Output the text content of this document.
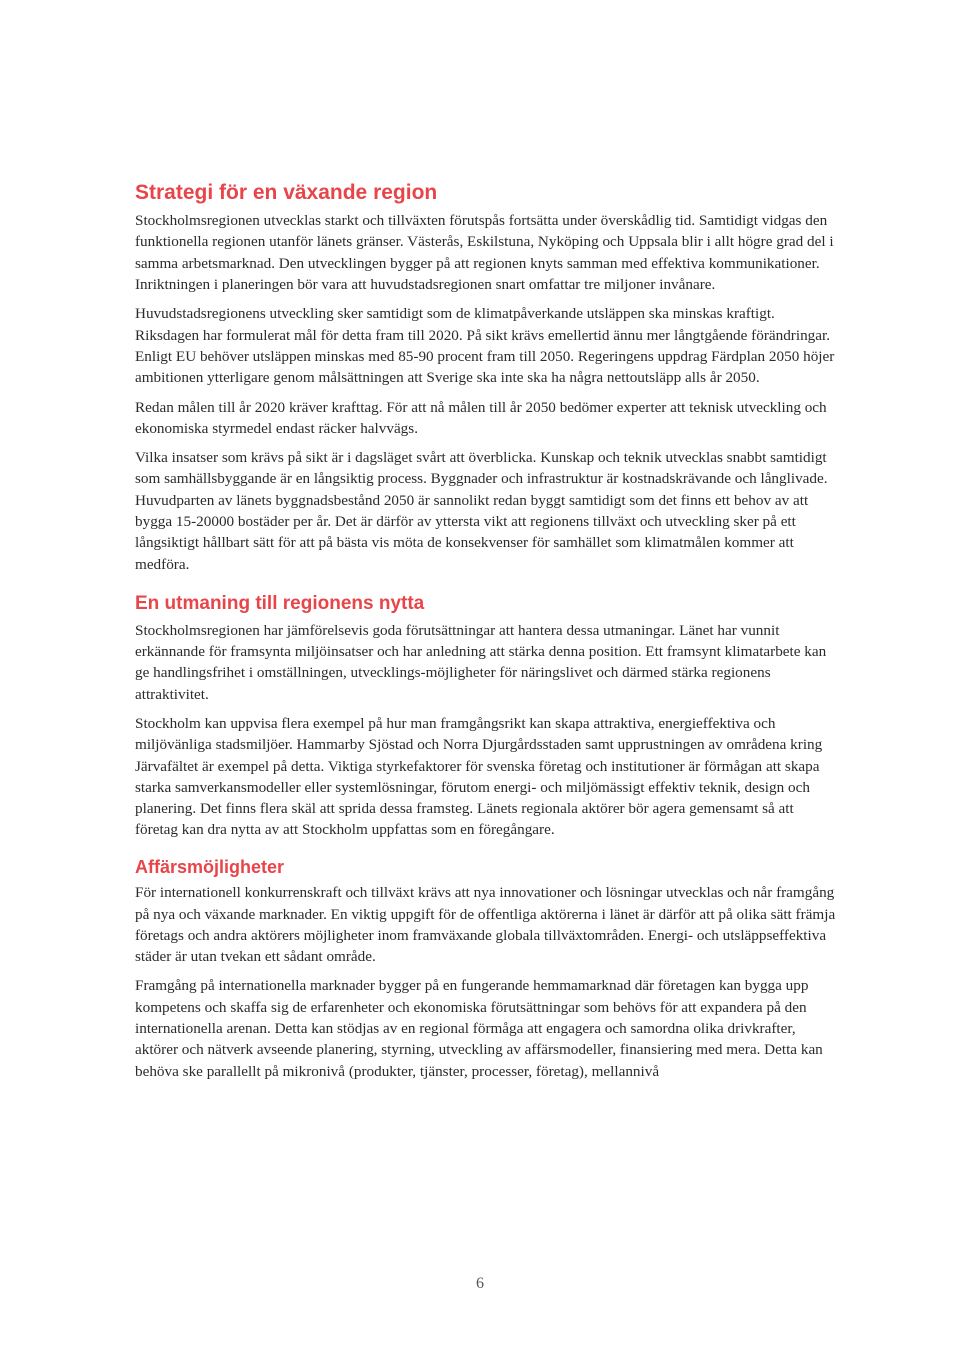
Strategi för en växande region

Stockholmsregionen utvecklas starkt och tillväxten förutspås fortsätta under överskådlig tid. Samtidigt vidgas den funktionella regionen utanför länets gränser. Västerås, Eskilstuna, Nyköping och Uppsala blir i allt högre grad del i samma arbetsmarknad. Den utvecklingen bygger på att regionen knyts samman med effektiva kommunikationer. Inriktningen i planeringen bör vara att huvudstadsregionen snart omfattar tre miljoner invånare.

Huvudstadsregionens utveckling sker samtidigt som de klimatpåverkande utsläppen ska minskas kraftigt. Riksdagen har formulerat mål för detta fram till 2020. På sikt krävs emellertid ännu mer långtgående förändringar. Enligt EU behöver utsläppen minskas med 85-90 procent fram till 2050. Regeringens uppdrag Färdplan 2050 höjer ambitionen ytterligare genom målsättningen att Sverige ska inte ska ha några nettoutsläpp alls år 2050.

Redan målen till år 2020 kräver krafttag. För att nå målen till år 2050 bedömer experter att teknisk utveckling och ekonomiska styrmedel endast räcker halvvägs.

Vilka insatser som krävs på sikt är i dagsläget svårt att överblicka. Kunskap och teknik utvecklas snabbt samtidigt som samhällsbyggande är en långsiktig process. Byggnader och infrastruktur är kostnadskrävande och långlivade. Huvudparten av länets byggnadsbestånd 2050 är sannolikt redan byggt samtidigt som det finns ett behov av att bygga 15-20000 bostäder per år. Det är därför av yttersta vikt att regionens tillväxt och utveckling sker på ett långsiktigt hållbart sätt för att på bästa vis möta de konsekvenser för samhället som klimatmålen kommer att medföra.

En utmaning till regionens nytta

Stockholmsregionen har jämförelsevis goda förutsättningar att hantera dessa utmaningar. Länet har vunnit erkännande för framsynta miljöinsatser och har anledning att stärka denna position. Ett framsynt klimatarbete kan ge handlingsfrihet i omställningen, utvecklings-möjligheter för näringslivet och därmed stärka regionens attraktivitet.

Stockholm kan uppvisa flera exempel på hur man framgångsrikt kan skapa attraktiva, energieffektiva och miljövänliga stadsmiljöer. Hammarby Sjöstad och Norra Djurgårdsstaden samt upprustningen av områdena kring Järvafältet är exempel på detta. Viktiga styrkefaktorer för svenska företag och institutioner är förmågan att skapa starka samverkansmodeller eller systemlösningar, förutom energi- och miljömässigt effektiv teknik, design och planering. Det finns flera skäl att sprida dessa framsteg. Länets regionala aktörer bör agera gemensamt så att företag kan dra nytta av att Stockholm uppfattas som en föregångare.

Affärsmöjligheter

För internationell konkurrenskraft och tillväxt krävs att nya innovationer och lösningar utvecklas och når framgång på nya och växande marknader. En viktig uppgift för de offentliga aktörerna i länet är därför att på olika sätt främja företags och andra aktörers möjligheter inom framväxande globala tillväxtområden. Energi- och utsläppseffektiva städer är utan tvekan ett sådant område.

Framgång på internationella marknader bygger på en fungerande hemmamarknad där företagen kan bygga upp kompetens och skaffa sig de erfarenheter och ekonomiska förutsättningar som behövs för att expandera på den internationella arenan. Detta kan stödjas av en regional förmåga att engagera och samordna olika drivkrafter, aktörer och nätverk avseende planering, styrning, utveckling av affärsmodeller, finansiering med mera. Detta kan behöva ske parallellt på mikronivå (produkter, tjänster, processer, företag), mellannivå

6
